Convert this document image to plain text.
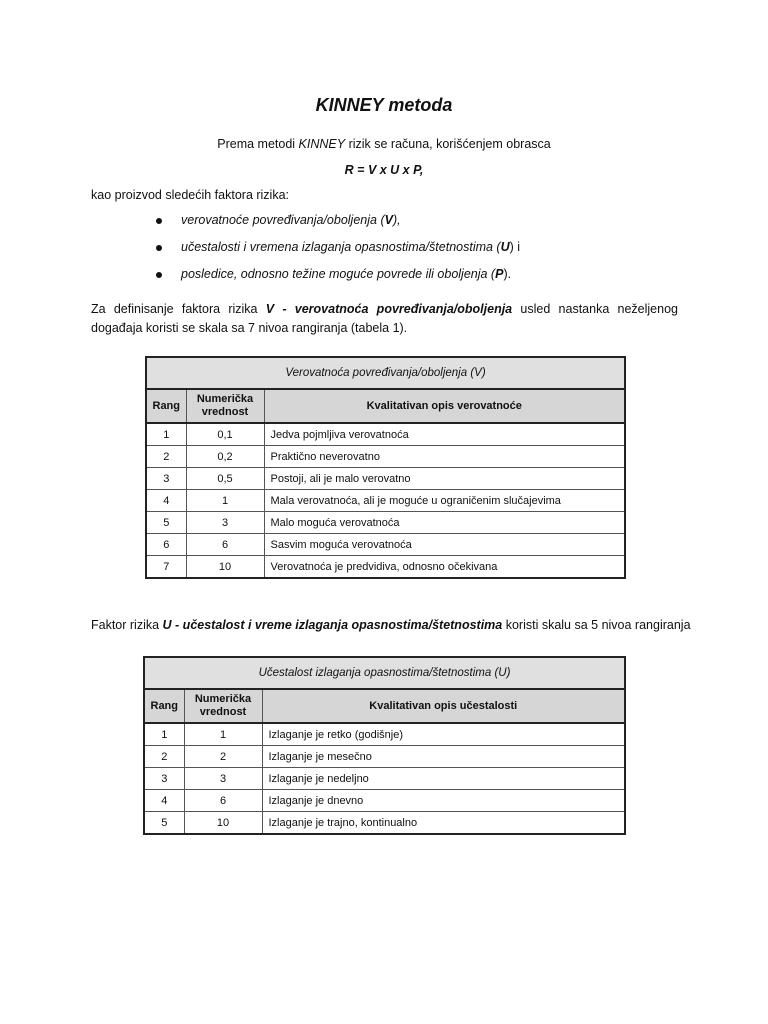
KINNEY metoda
Prema metodi KINNEY rizik se računa, korišćenjem obrasca
R = V x U x P,
kao proizvod sledećih faktora rizika:
verovatnoće povređivanja/obolјenja (V),
učestalosti i vremena izlaganja opasnostima/štetnostima (U) i
posledice, odnosno težine moguće povrede ili obolјenja (P).
Za definisanje faktora rizika V - verovatnoća povređivanja/oboljenja usled nastanka neželjenog događaja koristi se skala sa 7 nivoa rangiranja (tabela 1).
Verovatnoća povređivanja/oboljenja (V)		
Rang	Numerička vrednost	Kvalitativan opis verovatnoće
1	0,1	Jedva pojmljiva verovatnoća
2	0,2	Praktično neverovatno
3	0,5	Postoji, ali je malo verovatno
4	1	Mala verovatnoća, ali je moguće u ograničenim slučajevima
5	3	Malo moguća verovatnoća
6	6	Sasvim moguća verovatnoća
7	10	Verovatnoća je predvidiva, odnosno očekivana
Faktor rizika U - učestalost i vreme izlaganja opasnostima/štetnostima koristi skalu sa 5 nivoa rangiranja
Učestalost izlaganja opasnostima/štetnostima (U)		
Rang	Numerička vrednost	Kvalitativan opis učestalosti
1	1	Izlaganje je retko (godišnje)
2	2	Izlaganje je mesečno
3	3	Izlaganje je nedeljno
4	6	Izlaganje je dnevno
5	10	Izlaganje je trajno, kontinualno
